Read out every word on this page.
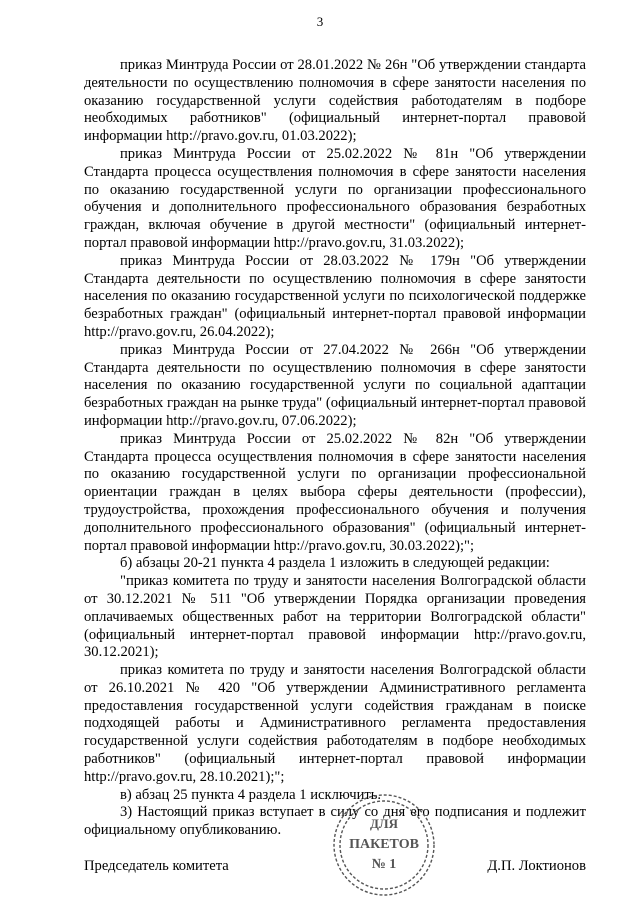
3

приказ Минтруда России от 28.01.2022 № 26н "Об утверждении стандарта деятельности по осуществлению полномочия в сфере занятости населения по оказанию государственной услуги содействия работодателям в подборе необходимых работников" (официальный интернет-портал правовой информации http://pravo.gov.ru, 01.03.2022);

приказ Минтруда России от 25.02.2022 № 81н "Об утверждении Стандарта процесса осуществления полномочия в сфере занятости населения по оказанию государственной услуги по организации профессионального обучения и дополнительного профессионального образования безработных граждан, включая обучение в другой местности" (официальный интернет-портал правовой информации http://pravo.gov.ru, 31.03.2022);

приказ Минтруда России от 28.03.2022 № 179н "Об утверждении Стандарта деятельности по осуществлению полномочия в сфере занятости населения по оказанию государственной услуги по психологической поддержке безработных граждан" (официальный интернет-портал правовой информации http://pravo.gov.ru, 26.04.2022);

приказ Минтруда России от 27.04.2022 № 266н "Об утверждении Стандарта деятельности по осуществлению полномочия в сфере занятости населения по оказанию государственной услуги по социальной адаптации безработных граждан на рынке труда" (официальный интернет-портал правовой информации http://pravo.gov.ru, 07.06.2022);

приказ Минтруда России от 25.02.2022 № 82н "Об утверждении Стандарта процесса осуществления полномочия в сфере занятости населения по оказанию государственной услуги по организации профессиональной ориентации граждан в целях выбора сферы деятельности (профессии), трудоустройства, прохождения профессионального обучения и получения дополнительного профессионального образования" (официальный интернет-портал правовой информации http://pravo.gov.ru, 30.03.2022);";

б) абзацы 20-21 пункта 4 раздела 1 изложить в следующей редакции:

"приказ комитета по труду и занятости населения Волгоградской области от 30.12.2021 № 511 "Об утверждении Порядка организации проведения оплачиваемых общественных работ на территории Волгоградской области" (официальный интернет-портал правовой информации http://pravo.gov.ru, 30.12.2021);

приказ комитета по труду и занятости населения Волгоградской области от 26.10.2021 № 420 "Об утверждении Административного регламента предоставления государственной услуги содействия гражданам в поиске подходящей работы и Административного регламента предоставления государственной услуги содействия работодателям в подборе необходимых работников" (официальный интернет-портал правовой информации http://pravo.gov.ru, 28.10.2021);";

в) абзац 25 пункта 4 раздела 1 исключить.

3) Настоящий приказ вступает в силу со дня его подписания и подлежит официальному опубликованию.	ДЛЯ
ПАКЕТОВ
№ 1
Председатель комитета	Д.П. Локтионов
